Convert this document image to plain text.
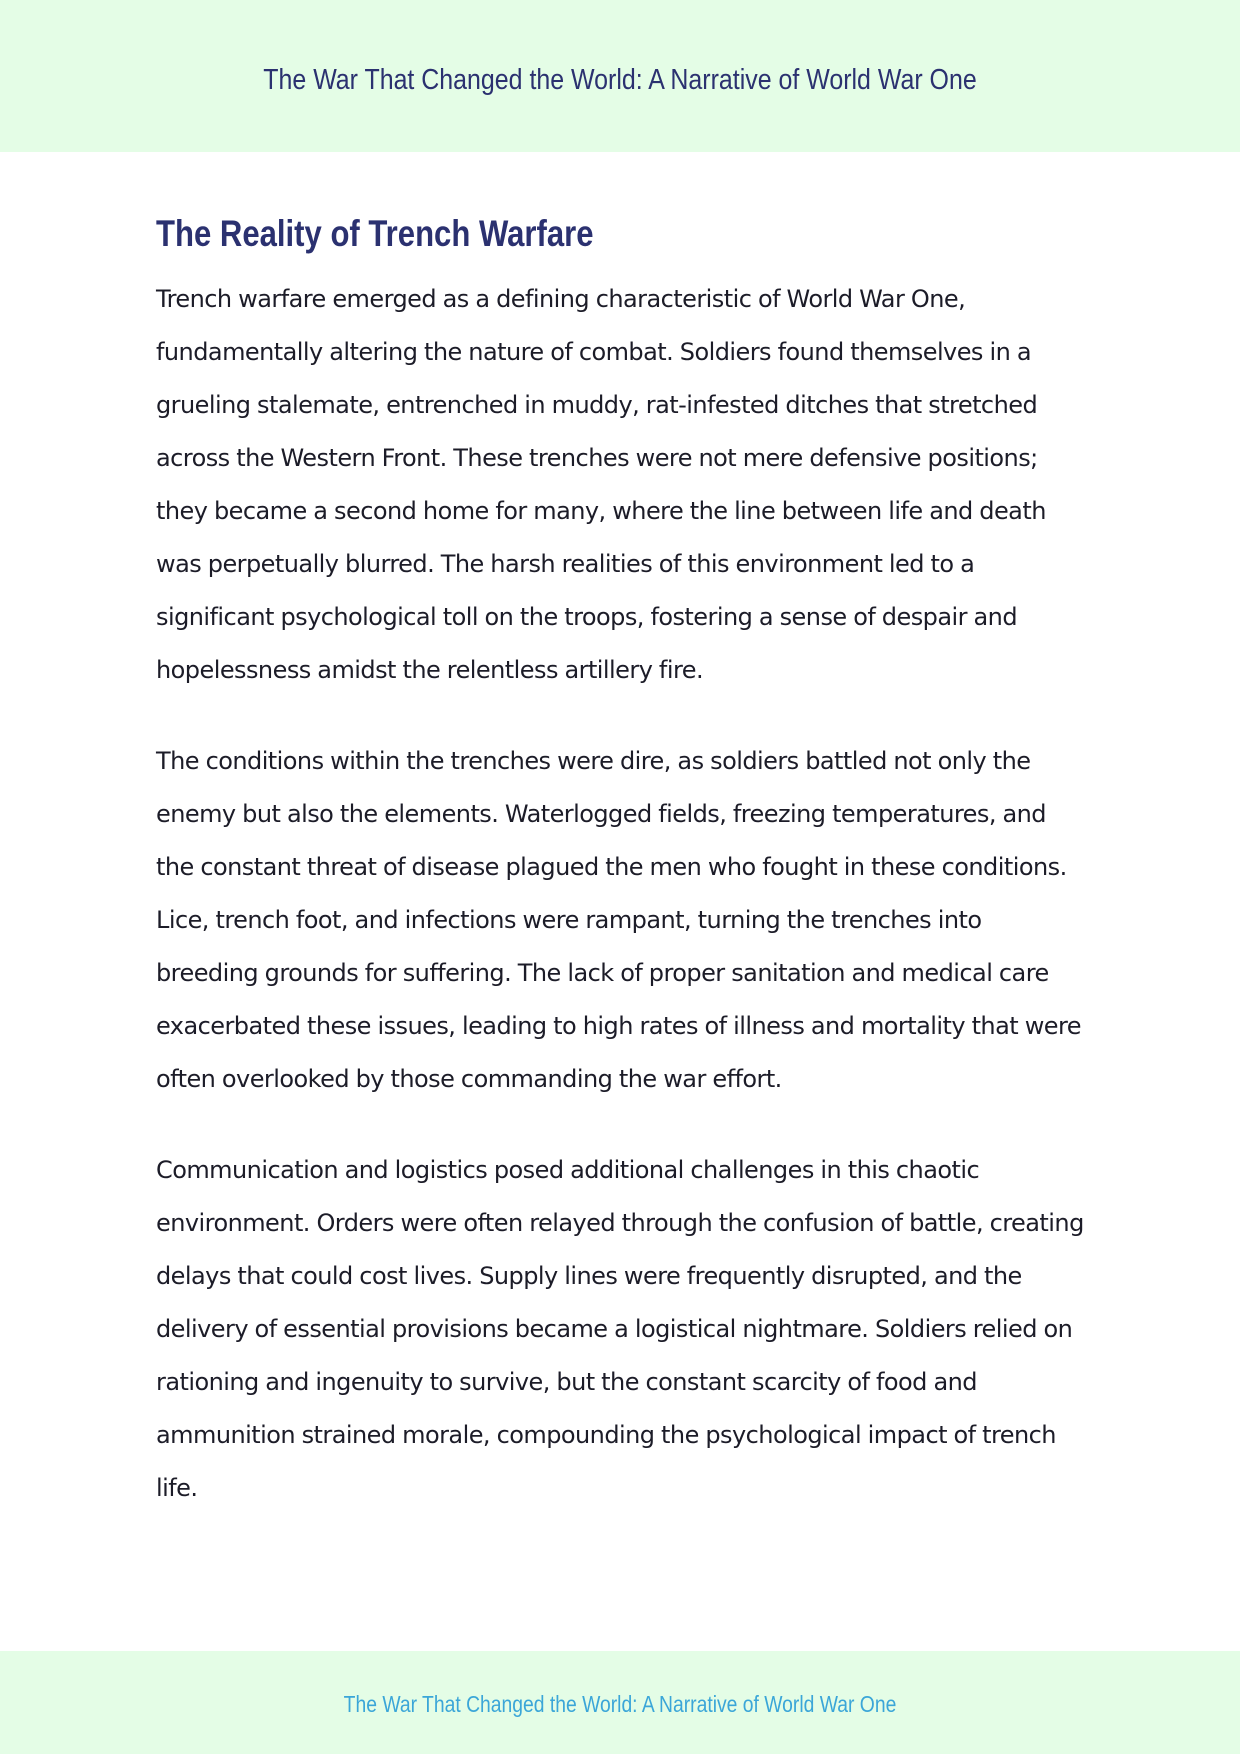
The War That Changed the World: A Narrative of World War One
The Reality of Trench Warfare

Trench warfare emerged as a defining characteristic of World War One, fundamentally altering the nature of combat. Soldiers found themselves in a grueling stalemate, entrenched in muddy, rat-infested ditches that stretched across the Western Front. These trenches were not mere defensive positions; they became a second home for many, where the line between life and death was perpetually blurred. The harsh realities of this environment led to a significant psychological toll on the troops, fostering a sense of despair and hopelessness amidst the relentless artillery fire.

The conditions within the trenches were dire, as soldiers battled not only the enemy but also the elements. Waterlogged fields, freezing temperatures, and the constant threat of disease plagued the men who fought in these conditions. Lice, trench foot, and infections were rampant, turning the trenches into breeding grounds for suffering. The lack of proper sanitation and medical care exacerbated these issues, leading to high rates of illness and mortality that were often overlooked by those commanding the war effort.

Communication and logistics posed additional challenges in this chaotic environment. Orders were often relayed through the confusion of battle, creating delays that could cost lives. Supply lines were frequently disrupted, and the delivery of essential provisions became a logistical nightmare. Soldiers relied on rationing and ingenuity to survive, but the constant scarcity of food and ammunition strained morale, compounding the psychological impact of trench life.

The War That Changed the World: A Narrative of World War One
